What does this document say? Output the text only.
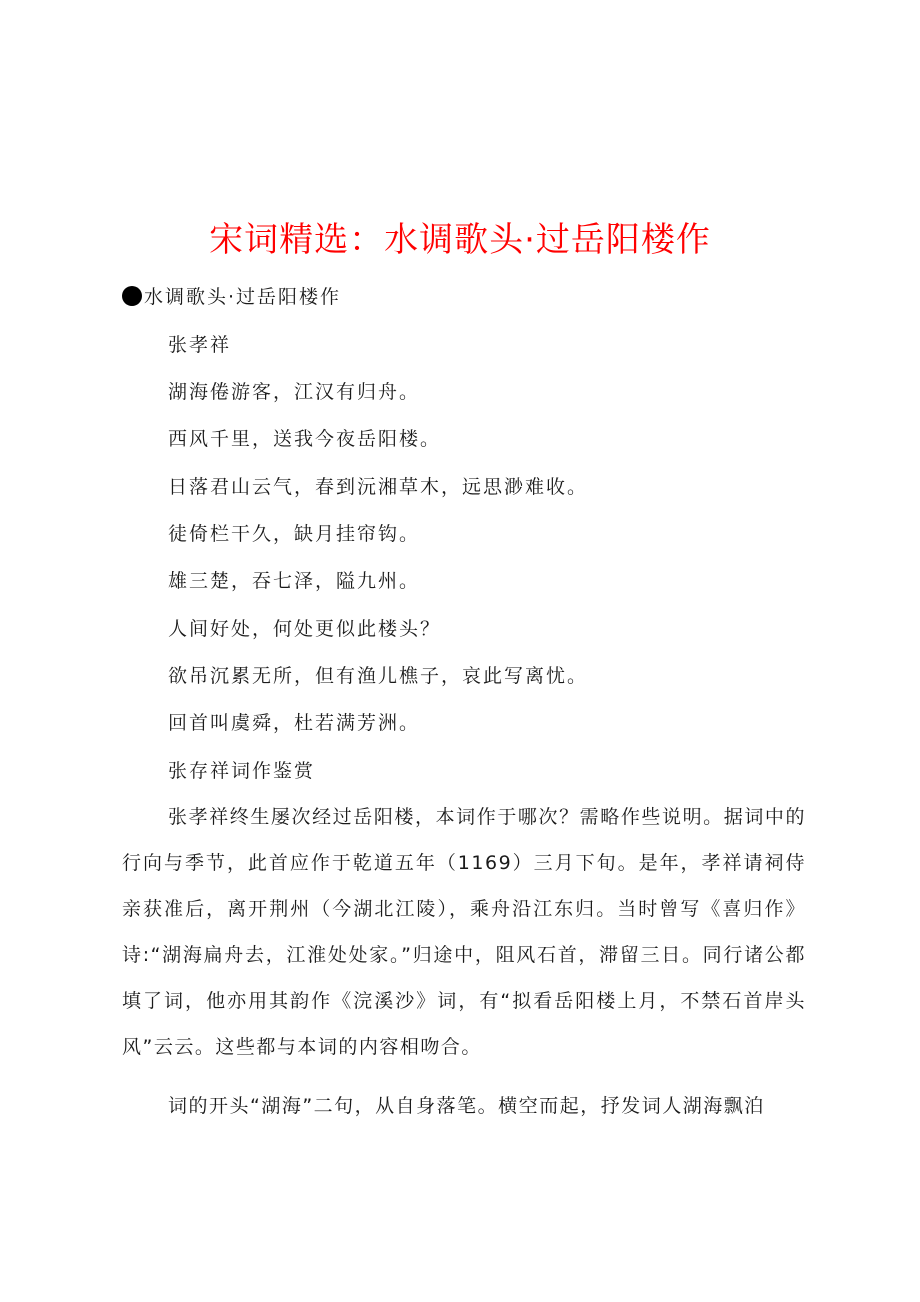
宋词精选：水调歌头·过岳阳楼作
水调歌头·过岳阳楼作
张孝祥
湖海倦游客，江汉有归舟。
西风千里，送我今夜岳阳楼。
日落君山云气，春到沅湘草木，远思渺难收。
徒倚栏干久，缺月挂帘钩。
雄三楚，吞七泽，隘九州。
人间好处，何处更似此楼头？
欲吊沉累无所，但有渔儿樵子，哀此写离忧。
回首叫虞舜，杜若满芳洲。
张存祥词作鉴赏

张孝祥终生屡次经过岳阳楼，本词作于哪次？需略作些说明。据词中的行向与季节，此首应作于乾道五年（1169）三月下旬。是年，孝祥请祠侍亲获准后，离开荆州（今湖北江陵），乘舟沿江东归。当时曾写《喜归作》诗:“湖海扁舟去，江淮处处家。”归途中，阻风石首，滞留三日。同行诸公都填了词，他亦用其韵作《浣溪沙》词，有“拟看岳阳楼上月，不禁石首岸头风”云云。这些都与本词的内容相吻合。

词的开头“湖海”二句，从自身落笔。横空而起，抒发词人湖海飘泊
